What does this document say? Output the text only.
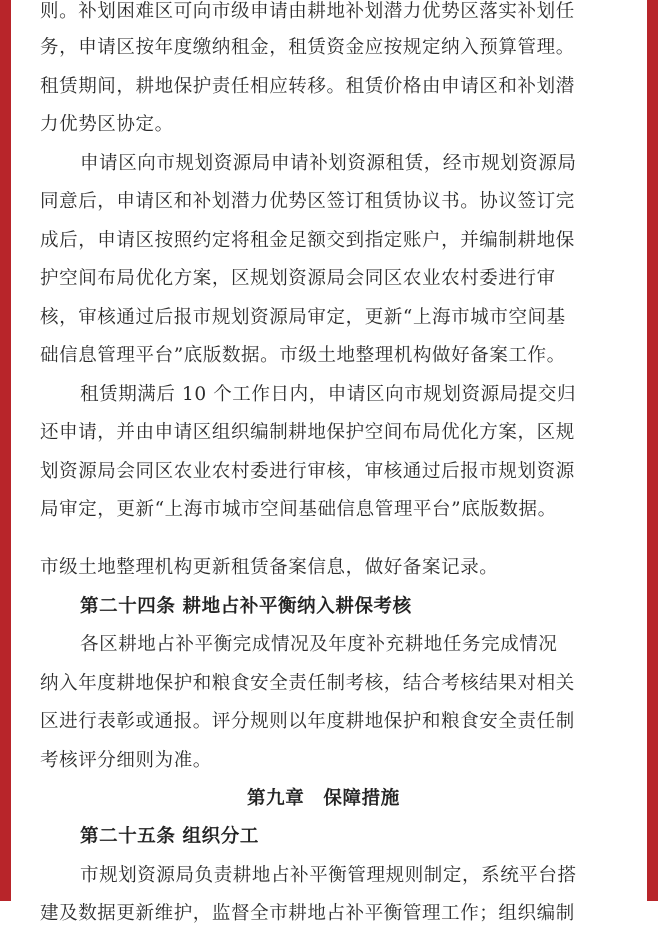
则。补划困难区可向市级申请由耕地补划潜力优势区落实补划任
务，申请区按年度缴纳租金，租赁资金应按规定纳入预算管理。
租赁期间，耕地保护责任相应转移。租赁价格由申请区和补划潜
力优势区协定。
申请区向市规划资源局申请补划资源租赁，经市规划资源局
同意后，申请区和补划潜力优势区签订租赁协议书。协议签订完
成后，申请区按照约定将租金足额交到指定账户，并编制耕地保
护空间布局优化方案，区规划资源局会同区农业农村委进行审
核，审核通过后报市规划资源局审定，更新“上海市城市空间基
础信息管理平台”底版数据。市级土地整理机构做好备案工作。
租赁期满后 10 个工作日内，申请区向市规划资源局提交归
还申请，并由申请区组织编制耕地保护空间布局优化方案，区规
划资源局会同区农业农村委进行审核，审核通过后报市规划资源
局审定，更新“上海市城市空间基础信息管理平台”底版数据。
市级土地整理机构更新租赁备案信息，做好备案记录。
第二十四条 耕地占补平衡纳入耕保考核
各区耕地占补平衡完成情况及年度补充耕地任务完成情况
纳入年度耕地保护和粮食安全责任制考核，结合考核结果对相关
区进行表彰或通报。评分规则以年度耕地保护和粮食安全责任制
考核评分细则为准。
第九章　保障措施
第二十五条 组织分工
市规划资源局负责耕地占补平衡管理规则制定，系统平台搭
建及数据更新维护，监督全市耕地占补平衡管理工作；组织编制
